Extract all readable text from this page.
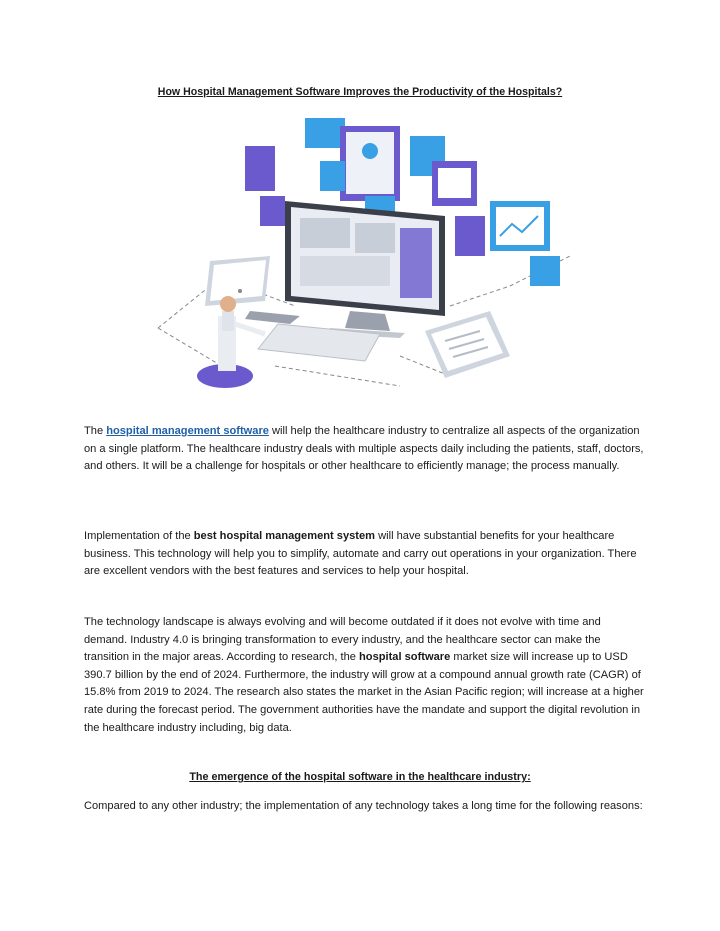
How Hospital Management Software Improves the Productivity of the Hospitals?

The hospital management software will help the healthcare industry to centralize all aspects of the organization on a single platform. The healthcare industry deals with multiple aspects daily including the patients, staff, doctors, and others. It will be a challenge for hospitals or other healthcare to efficiently manage; the process manually.

Implementation of the best hospital management system will have substantial benefits for your healthcare business. This technology will help you to simplify, automate and carry out operations in your organization. There are excellent vendors with the best features and services to help your hospital.

The technology landscape is always evolving and will become outdated if it does not evolve with time and demand. Industry 4.0 is bringing transformation to every industry, and the healthcare sector can make the transition in the major areas. According to research, the hospital software market size will increase up to USD 390.7 billion by the end of 2024. Furthermore, the industry will grow at a compound annual growth rate (CAGR) of 15.8% from 2019 to 2024. The research also states the market in the Asian Pacific region; will increase at a higher rate during the forecast period. The government authorities have the mandate and support the digital revolution in the healthcare industry including, big data.

The emergence of the hospital software in the healthcare industry:

Compared to any other industry; the implementation of any technology takes a long time for the following reasons:
